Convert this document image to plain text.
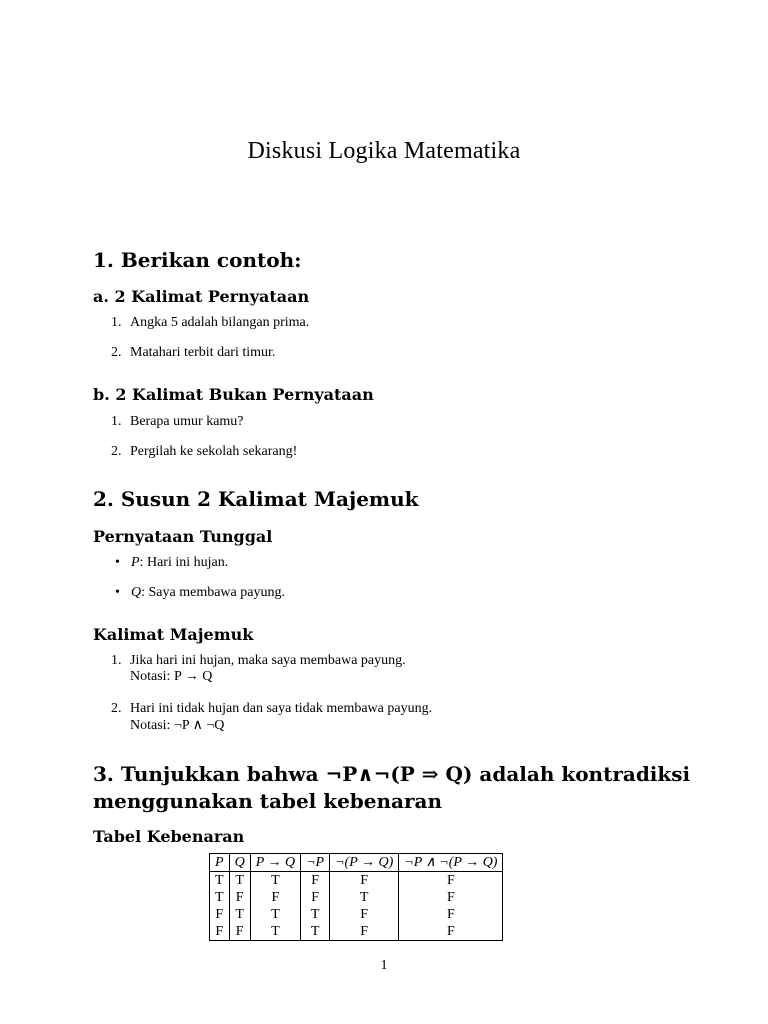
Diskusi Logika Matematika
1. Berikan contoh:
a. 2 Kalimat Pernyataan
1. Angka 5 adalah bilangan prima.
2. Matahari terbit dari timur.
b. 2 Kalimat Bukan Pernyataan
1. Berapa umur kamu?
2. Pergilah ke sekolah sekarang!
2. Susun 2 Kalimat Majemuk
Pernyataan Tunggal
• P: Hari ini hujan.
• Q: Saya membawa payung.
Kalimat Majemuk
1. Jika hari ini hujan, maka saya membawa payung.
Notasi: P → Q
2. Hari ini tidak hujan dan saya tidak membawa payung.
Notasi: ¬P ∧ ¬Q
3. Tunjukkan bahwa ¬P∧¬(P ⇒ Q) adalah kontradiksi
menggunakan tabel kebenaran
Tabel Kebenaran
P	Q	P → Q	¬P	¬(P → Q)	¬P ∧ ¬(P → Q)
T	T	T	F	F	F
T	F	F	F	T	F
F	T	T	T	F	F
F	F	T	T	F	F
1
